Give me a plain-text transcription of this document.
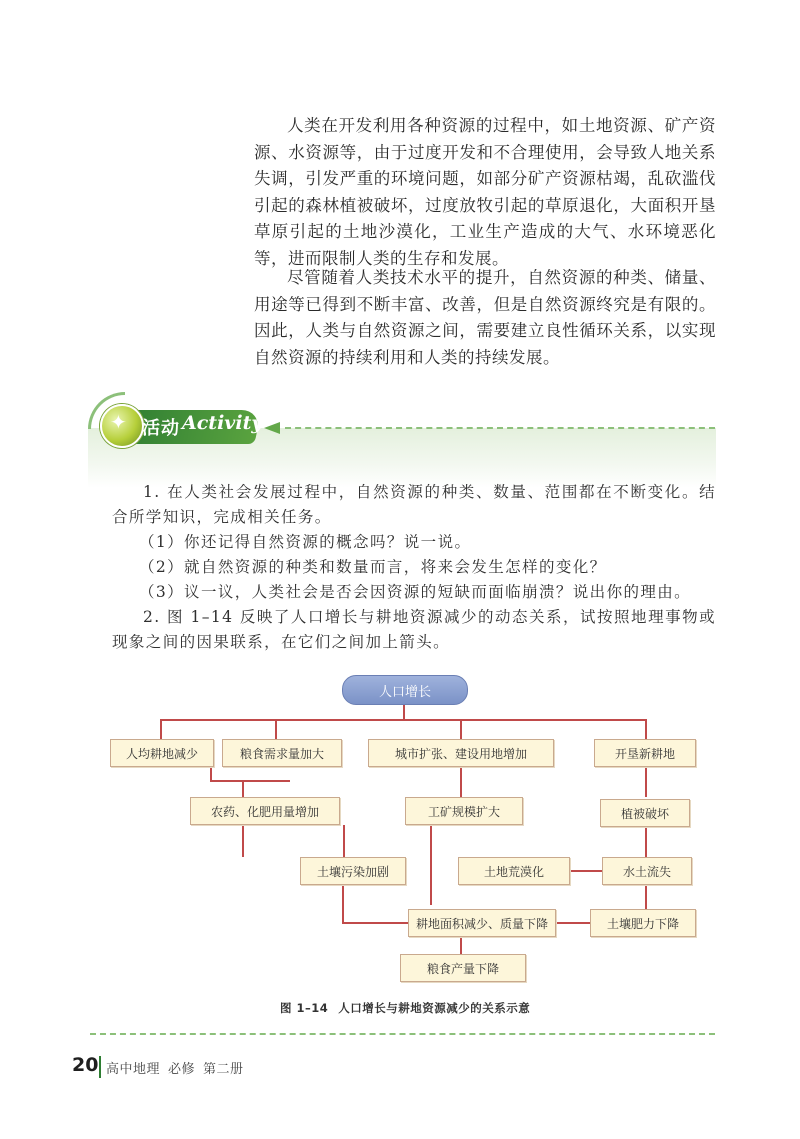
人类在开发利用各种资源的过程中，如土地资源、矿产资源、水资源等，由于过度开发和不合理使用，会导致人地关系失调，引发严重的环境问题，如部分矿产资源枯竭，乱砍滥伐引起的森林植被破坏，过度放牧引起的草原退化，大面积开垦草原引起的土地沙漠化，工业生产造成的大气、水环境恶化等，进而限制人类的生存和发展。

尽管随着人类技术水平的提升，自然资源的种类、储量、用途等已得到不断丰富、改善，但是自然资源终究是有限的。因此，人类与自然资源之间，需要建立良性循环关系，以实现自然资源的持续利用和人类的持续发展。

✦ 活动 Activity

1. 在人类社会发展过程中，自然资源的种类、数量、范围都在不断变化。结合所学知识，完成相关任务。

（1）你还记得自然资源的概念吗？说一说。

（2）就自然资源的种类和数量而言，将来会发生怎样的变化？

（3）议一议，人类社会是否会因资源的短缺而面临崩溃？说出你的理由。

2. 图 1–14 反映了人口增长与耕地资源减少的动态关系，试按照地理事物或现象之间的因果联系，在它们之间加上箭头。

人口增长
人均耕地减少	粮食需求量加大	城市扩张、建设用地增加	开垦新耕地
农药、化肥用量增加	工矿规模扩大	植被破坏
土壤污染加剧	土地荒漠化	水土流失
耕地面积减少、质量下降	土壤肥力下降
粮食产量下降
图 1–14 人口增长与耕地资源减少的关系示意
20 高中地理 必修 第二册
